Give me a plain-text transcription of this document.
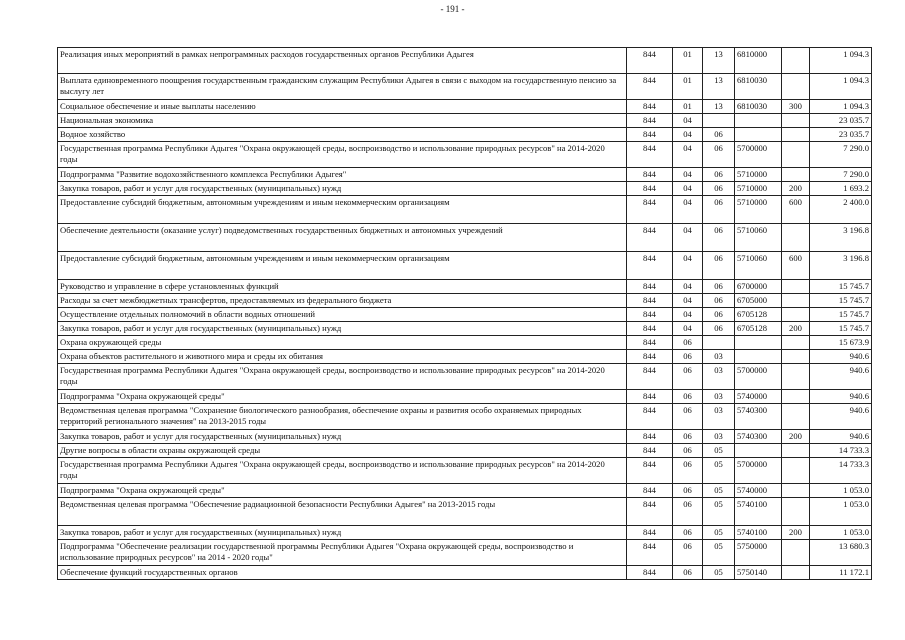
- 191 -
Реализация иных мероприятий в рамках непрограммных расходов государственных органов Республики Адыгея	844	01	13	6810000		1 094.3
Выплата единовременного поощрения государственным гражданским служащим Республики Адыгея в связи с выходом на государственную пенсию за выслугу лет	844	01	13	6810030		1 094.3
Социальное обеспечение и иные выплаты населению	844	01	13	6810030	300	1 094.3
Национальная экономика	844	04				23 035.7
Водное хозяйство	844	04	06			23 035.7
Государственная программа Республики Адыгея "Охрана окружающей среды, воспроизводство и использование природных ресурсов" на 2014-2020 годы	844	04	06	5700000		7 290.0
Подпрограмма "Развитие водохозяйственного комплекса Республики Адыгея"	844	04	06	5710000		7 290.0
Закупка товаров, работ и услуг для государственных (муниципальных) нужд	844	04	06	5710000	200	1 693.2
Предоставление субсидий бюджетным, автономным учреждениям и иным некоммерческим организациям	844	04	06	5710000	600	2 400.0
Обеспечение деятельности (оказание услуг) подведомственных государственных бюджетных и автономных учреждений	844	04	06	5710060		3 196.8
Предоставление субсидий бюджетным, автономным учреждениям и иным некоммерческим организациям	844	04	06	5710060	600	3 196.8
Руководство и управление в сфере установленных функций	844	04	06	6700000		15 745.7
Расходы за счет межбюджетных трансфертов, предоставляемых из федерального бюджета	844	04	06	6705000		15 745.7
Осуществление отдельных полномочий в области водных отношений	844	04	06	6705128		15 745.7
Закупка товаров, работ и услуг для государственных (муниципальных) нужд	844	04	06	6705128	200	15 745.7
Охрана окружающей среды	844	06				15 673.9
Охрана объектов растительного и животного мира и среды их обитания	844	06	03			940.6
Государственная программа Республики Адыгея "Охрана окружающей среды, воспроизводство и использование природных ресурсов" на 2014-2020 годы	844	06	03	5700000		940.6
Подпрограмма "Охрана окружающей среды"	844	06	03	5740000		940.6
Ведомственная целевая программа "Сохранение биологического разнообразия, обеспечение охраны и развития особо охраняемых природных территорий регионального значения" на 2013-2015 годы	844	06	03	5740300		940.6
Закупка товаров, работ и услуг для государственных (муниципальных) нужд	844	06	03	5740300	200	940.6
Другие вопросы в области охраны окружающей среды	844	06	05			14 733.3
Государственная программа Республики Адыгея "Охрана окружающей среды, воспроизводство и использование природных ресурсов" на 2014-2020 годы	844	06	05	5700000		14 733.3
Подпрограмма "Охрана окружающей среды"	844	06	05	5740000		1 053.0
Ведомственная целевая программа "Обеспечение радиационной безопасности Республики Адыгея" на 2013-2015 годы	844	06	05	5740100		1 053.0
Закупка товаров, работ и услуг для государственных (муниципальных) нужд	844	06	05	5740100	200	1 053.0
Подпрограмма "Обеспечение реализации государственной программы Республики Адыгея "Охрана окружающей среды, воспроизводство и использование природных ресурсов" на 2014 - 2020 годы"	844	06	05	5750000		13 680.3
Обеспечение функций государственных органов	844	06	05	5750140		11 172.1
